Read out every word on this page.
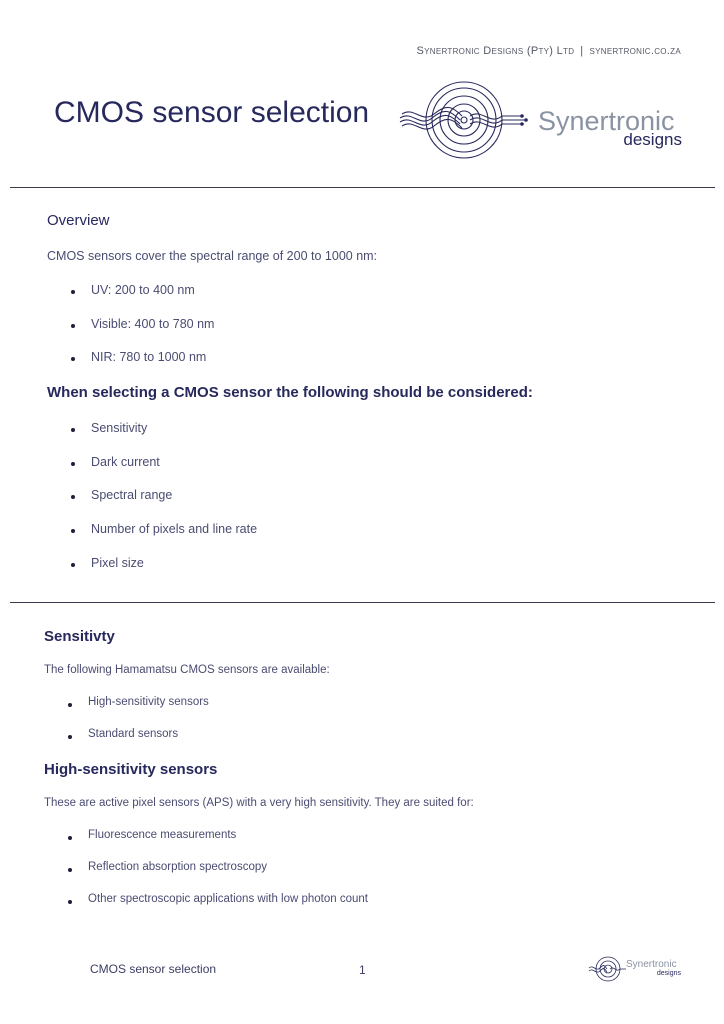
Synertronic Designs (Pty) Ltd | synertronic.co.za
CMOS sensor selection	Synertronic
designs
Overview
CMOS sensors cover the spectral range of 200 to 1000 nm:
UV: 200 to 400 nm
Visible: 400 to 780 nm
NIR: 780 to 1000 nm
When selecting a CMOS sensor the following should be considered:
Sensitivity
Dark current
Spectral range
Number of pixels and line rate
Pixel size
Sensitivty
The following Hamamatsu CMOS sensors are available:
High-sensitivity sensors
Standard sensors
High-sensitivity sensors
These are active pixel sensors (APS) with a very high sensitivity. They are suited for:
Fluorescence measurements
Reflection absorption spectroscopy
Other spectroscopic applications with low photon count
CMOS sensor selection	1	Synertronic
designs
